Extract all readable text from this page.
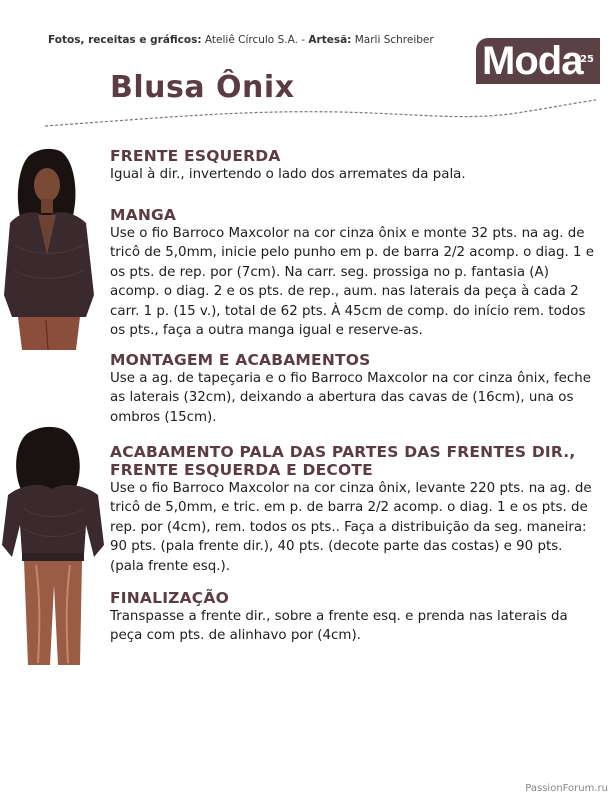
Fotos, receitas e gráficos: Ateliê Círculo S.A. - Artesã: Marli Schreiber Moda
25
Blusa Ônix
FRENTE ESQUERDA

Igual à dir., invertendo o lado dos arremates da pala.

MANGA

Use o fio Barroco Maxcolor na cor cinza ônix e monte 32 pts. na ag. de tricô de 5,0mm, inicie pelo punho em p. de barra 2/2 acomp. o diag. 1 e os pts. de rep. por (7cm). Na carr. seg. prossiga no p. fantasia (A) acomp. o diag. 2 e os pts. de rep., aum. nas laterais da peça à cada 2 carr. 1 p. (15 v.), total de 62 pts. À 45cm de comp. do início rem. todos os pts., faça a outra manga igual e reserve-as.

MONTAGEM E ACABAMENTOS

Use a ag. de tapeçaria e o fio Barroco Maxcolor na cor cinza ônix, feche as laterais (32cm), deixando a abertura das cavas de (16cm), una os ombros (15cm).

ACABAMENTO PALA DAS PARTES DAS FRENTES DIR., FRENTE ESQUERDA E DECOTE

Use o fio Barroco Maxcolor na cor cinza ônix, levante 220 pts. na ag. de tricô de 5,0mm, e tric. em p. de barra 2/2 acomp. o diag. 1 e os pts. de rep. por (4cm), rem. todos os pts.. Faça a distribuição da seg. maneira: 90 pts. (pala frente dir.), 40 pts. (decote parte das costas) e 90 pts. (pala frente esq.).

FINALIZAÇÃO

Transpasse a frente dir., sobre a frente esq. e prenda nas laterais da peça com pts. de alinhavo por (4cm).

PassionForum.ru
